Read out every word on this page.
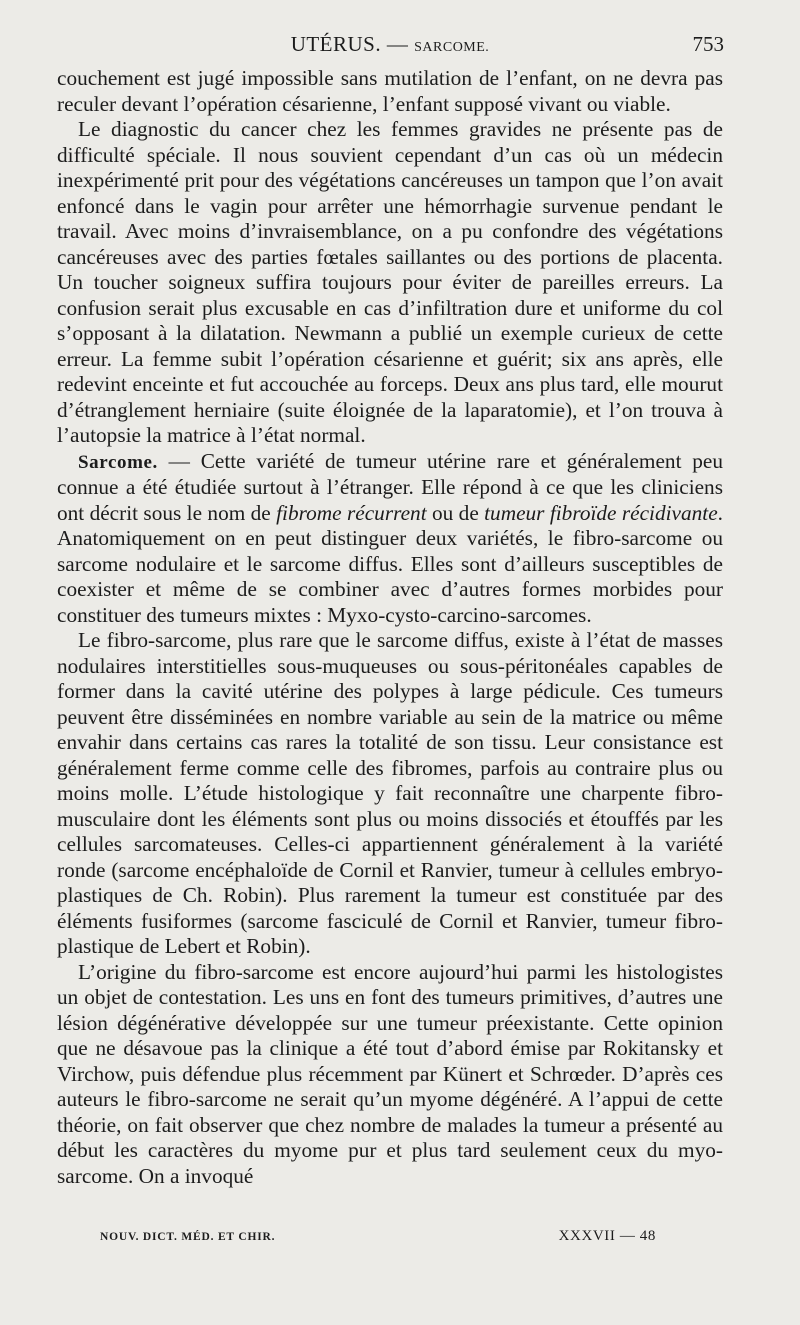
UTÉRUS. — SARCOME.	753

couchement est jugé impossible sans mutilation de l’enfant, on ne devra pas reculer devant l’opération césarienne, l’enfant supposé vivant ou viable.

Le diagnostic du cancer chez les femmes gravides ne présente pas de difficulté spéciale. Il nous souvient cependant d’un cas où un médecin inexpérimenté prit pour des végétations cancéreuses un tampon que l’on avait enfoncé dans le vagin pour arrêter une hémorrhagie survenue pendant le travail. Avec moins d’invraisemblance, on a pu confondre des végétations cancéreuses avec des parties fœtales saillantes ou des portions de placenta. Un toucher soigneux suffira toujours pour éviter de pareilles erreurs. La confusion serait plus excusable en cas d’infiltration dure et uniforme du col s’opposant à la dilatation. Newmann a publié un exemple curieux de cette erreur. La femme subit l’opération césarienne et guérit; six ans après, elle redevint enceinte et fut accouchée au forceps. Deux ans plus tard, elle mourut d’étranglement herniaire (suite éloignée de la laparatomie), et l’on trouva à l’autopsie la matrice à l’état normal.

Sarcome. — Cette variété de tumeur utérine rare et généralement peu connue a été étudiée surtout à l’étranger. Elle répond à ce que les cliniciens ont décrit sous le nom de fibrome récurrent ou de tumeur fibroïde récidivante. Anatomiquement on en peut distinguer deux variétés, le fibro-sarcome ou sarcome nodulaire et le sarcome diffus. Elles sont d’ailleurs susceptibles de coexister et même de se combiner avec d’autres formes morbides pour constituer des tumeurs mixtes : Myxo-cysto-carcino-sarcomes.

Le fibro-sarcome, plus rare que le sarcome diffus, existe à l’état de masses nodulaires interstitielles sous-muqueuses ou sous-péritonéales capables de former dans la cavité utérine des polypes à large pédicule. Ces tumeurs peuvent être disséminées en nombre variable au sein de la matrice ou même envahir dans certains cas rares la totalité de son tissu. Leur consistance est généralement ferme comme celle des fibromes, parfois au contraire plus ou moins molle. L’étude histologique y fait reconnaître une charpente fibro-musculaire dont les éléments sont plus ou moins dissociés et étouffés par les cellules sarcomateuses. Celles-ci appartiennent généralement à la variété ronde (sarcome encéphaloïde de Cornil et Ranvier, tumeur à cellules embryo-plastiques de Ch. Robin). Plus rarement la tumeur est constituée par des éléments fusiformes (sarcome fasciculé de Cornil et Ranvier, tumeur fibro-plastique de Lebert et Robin).

L’origine du fibro-sarcome est encore aujourd’hui parmi les histologistes un objet de contestation. Les uns en font des tumeurs primitives, d’autres une lésion dégénérative développée sur une tumeur préexistante. Cette opinion que ne désavoue pas la clinique a été tout d’abord émise par Rokitansky et Virchow, puis défendue plus récemment par Künert et Schrœder. D’après ces auteurs le fibro-sarcome ne serait qu’un myome dégénéré. A l’appui de cette théorie, on fait observer que chez nombre de malades la tumeur a présenté au début les caractères du myome pur et plus tard seulement ceux du myo-sarcome. On a invoqué

NOUV. DICT. MÉD. ET CHIR.	XXXVII — 48
